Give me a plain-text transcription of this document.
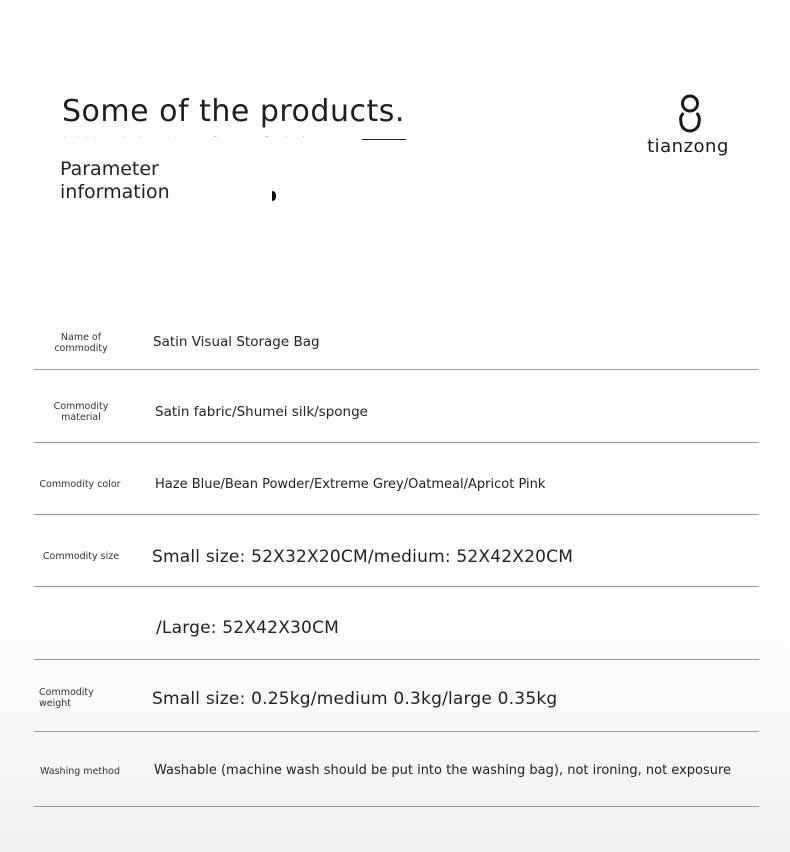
Some of the products.
Parameter information
tianzong
Name of commodity	Satin Visual Storage Bag
Commodity material	Satin fabric/Shumei silk/sponge
Commodity color	Haze Blue/Bean Powder/Extreme Grey/Oatmeal/Apricot Pink
Commodity size	Small size: 52X32X20CM/medium: 52X42X20CM
/Large: 52X42X30CM
Commodity weight	Small size: 0.25kg/medium 0.3kg/large 0.35kg
Washing method	Washable (machine wash should be put into the washing bag), not ironing, not exposure
